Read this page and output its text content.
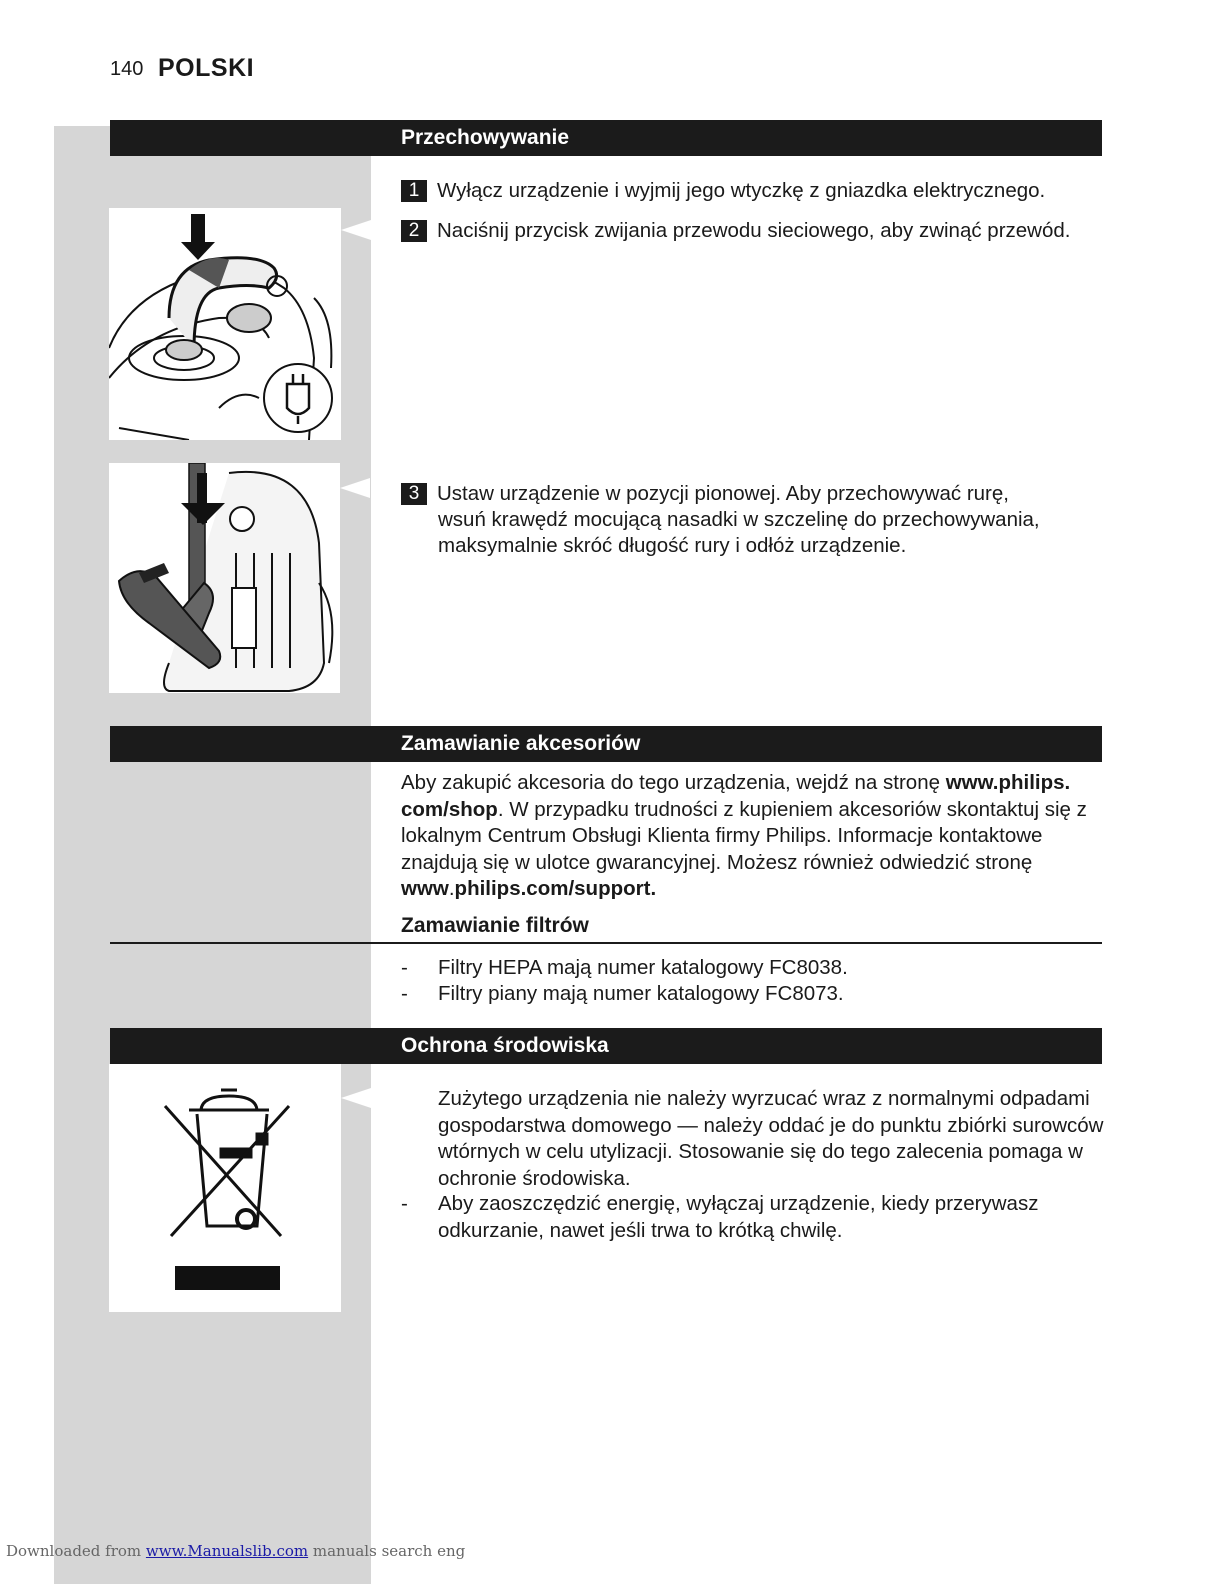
140 POLSKI
Przechowywanie
1 Wyłącz urządzenie i wyjmij jego wtyczkę z gniazdka elektrycznego.
2 Naciśnij przycisk zwijania przewodu sieciowego, aby zwinąć przewód.
3 Ustaw urządzenie w pozycji pionowej. Aby przechowywać rurę,
wsuń krawędź mocującą nasadki w szczelinę do przechowywania,
maksymalnie skróć długość rury i odłóż urządzenie.
Zamawianie akcesoriów
Aby zakupić akcesoria do tego urządzenia, wejdź na stronę www.philips.
com/shop. W przypadku trudności z kupieniem akcesoriów skontaktuj się z lokalnym Centrum Obsługi Klienta firmy Philips. Informacje kontaktowe znajdują się w ulotce gwarancyjnej. Możesz również odwiedzić stronę www.philips.com/support.
Zamawianie filtrów
-	Filtry HEPA mają numer katalogowy FC8038.
-	Filtry piany mają numer katalogowy FC8073.
Ochrona środowiska
Zużytego urządzenia nie należy wyrzucać wraz z normalnymi odpadami gospodarstwa domowego — należy oddać je do punktu zbiórki surowców wtórnych w celu utylizacji. Stosowanie się do tego zalecenia pomaga w ochronie środowiska.
-	Aby zaoszczędzić energię, wyłączaj urządzenie, kiedy przerywasz odkurzanie, nawet jeśli trwa to krótką chwilę.
Downloaded from www.Manualslib.com manuals search eng
